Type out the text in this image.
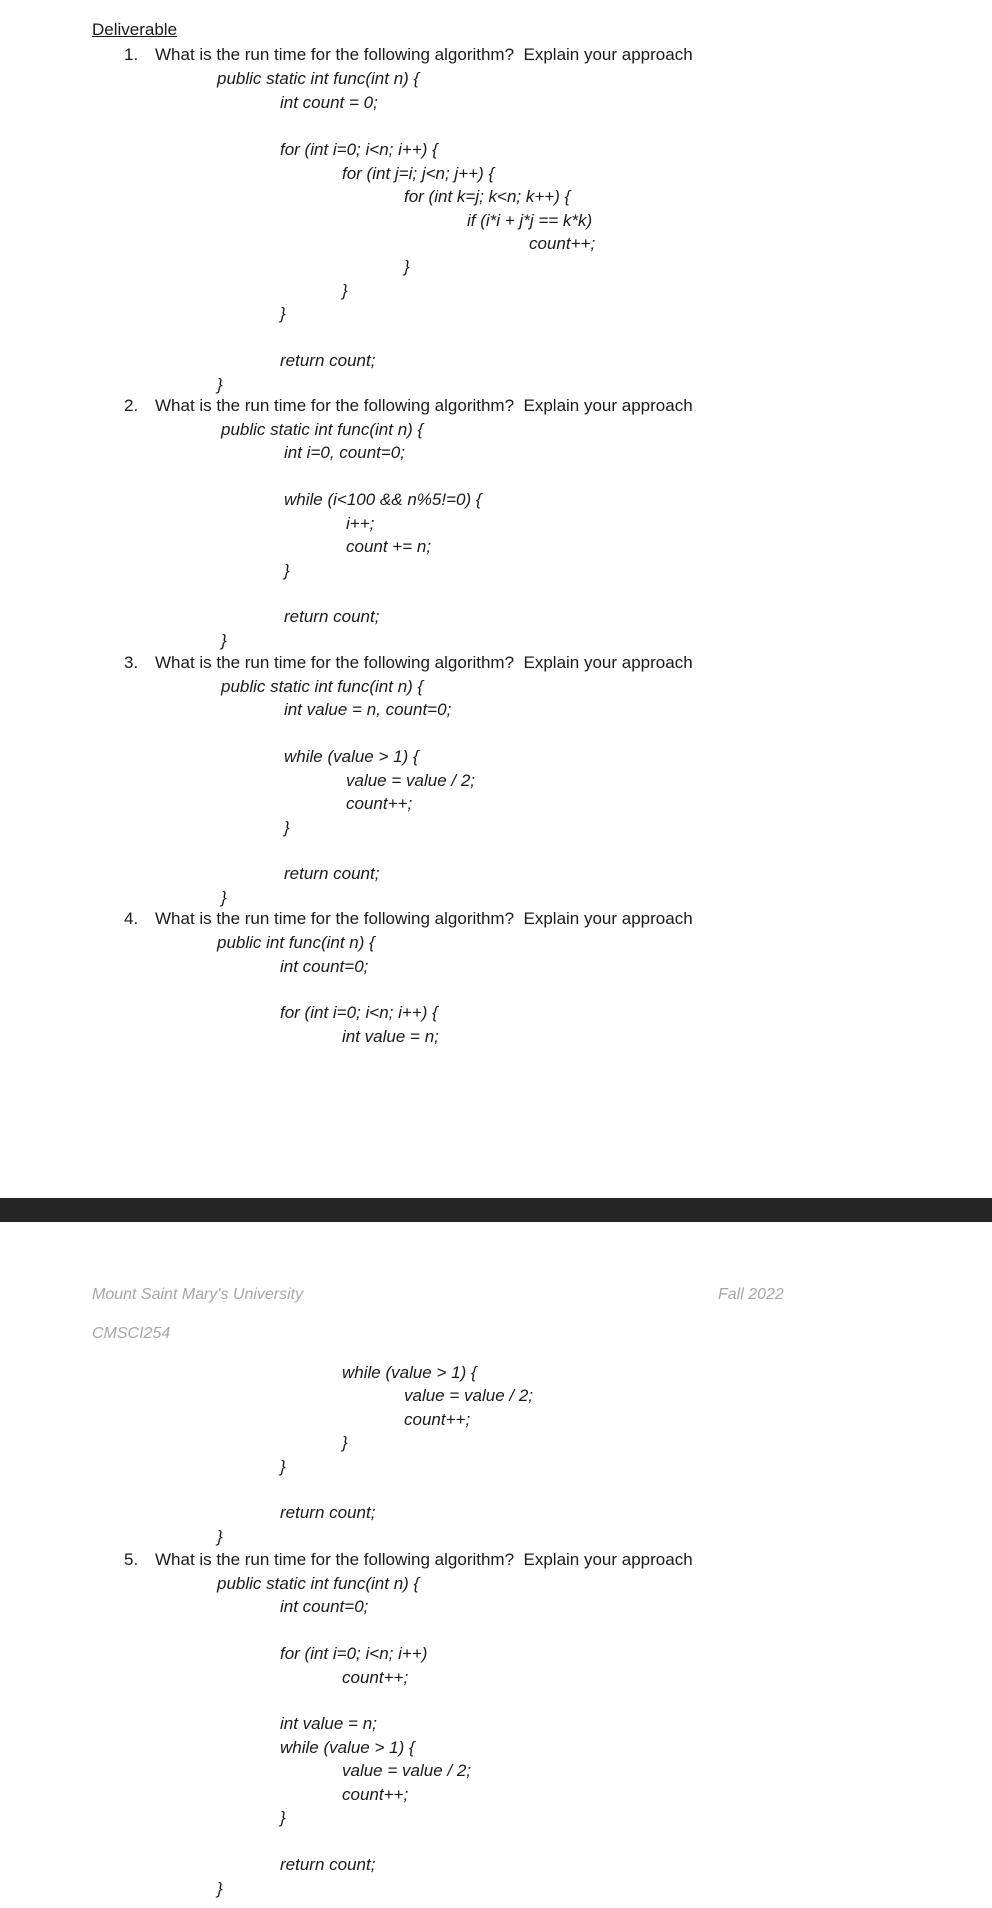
Deliverable
1. What is the run time for the following algorithm?  Explain your approach
public static int func(int n) {
int count = 0;
for (int i=0; i<n; i++) {
for (int j=i; j<n; j++) {
for (int k=j; k<n; k++) {
if (i*i + j*j == k*k)
count++;
}
}
}
return count;
}
2. What is the run time for the following algorithm?  Explain your approach
public static int func(int n) {
int i=0, count=0;
while (i<100 && n%5!=0) {
i++;
count += n;
}
return count;
}
3. What is the run time for the following algorithm?  Explain your approach
public static int func(int n) {
int value = n, count=0;
while (value > 1) {
value = value / 2;
count++;
}
return count;
}
4. What is the run time for the following algorithm?  Explain your approach
public int func(int n) {
int count=0;
for (int i=0; i<n; i++) {
int value = n;
Mount Saint Mary's University	Fall 2022
CMSCI254
while (value > 1) {
value = value / 2;
count++;
}
}
return count;
}
5. What is the run time for the following algorithm?  Explain your approach
public static int func(int n) {
int count=0;
for (int i=0; i<n; i++)
count++;
int value = n;
while (value > 1) {
value = value / 2;
count++;
}
return count;
}
